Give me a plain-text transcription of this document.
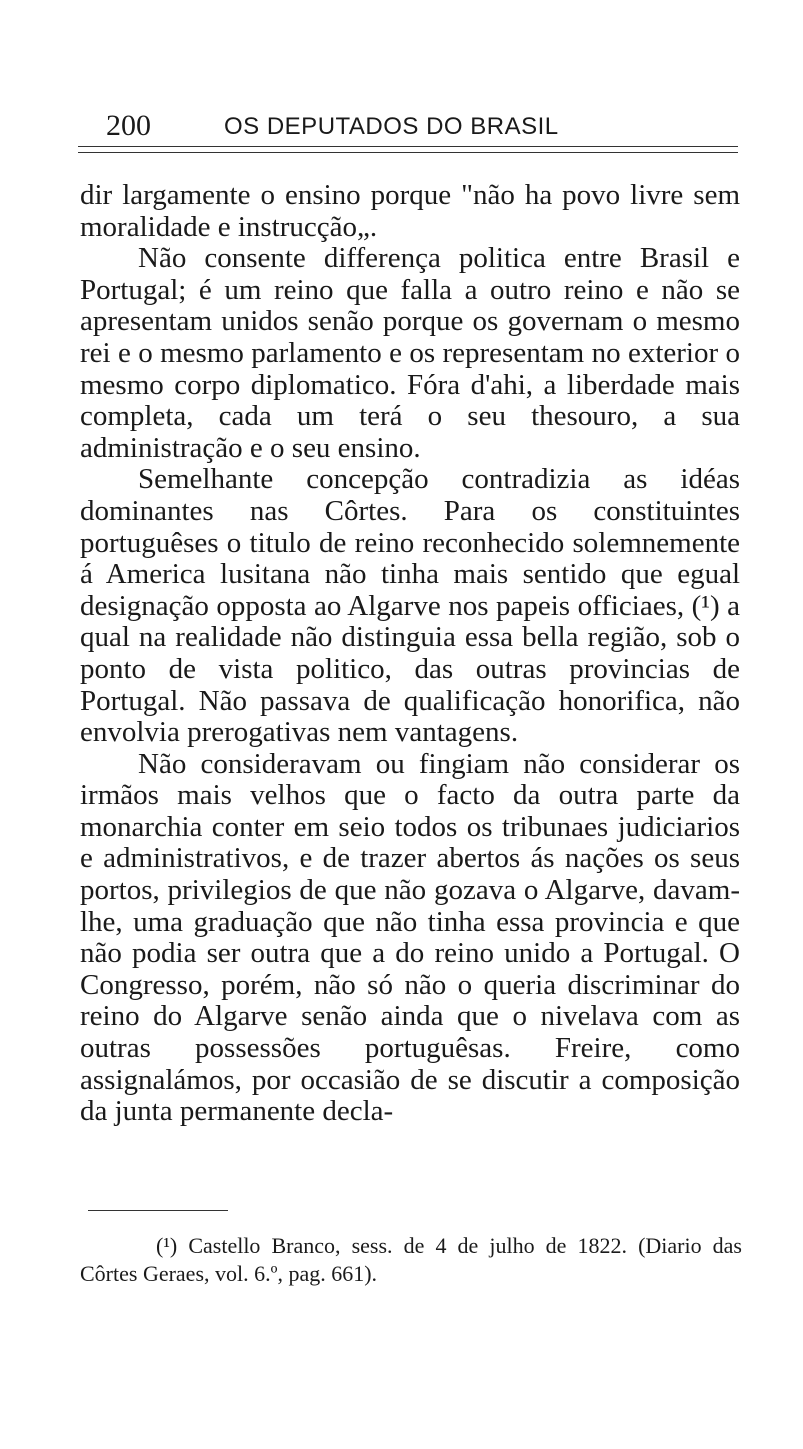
200	OS DEPUTADOS DO BRASIL

dir largamente o ensino porque "não ha povo livre sem moralidade e instrucção„.

Não consente differença politica entre Brasil e Portugal; é um reino que falla a outro reino e não se apresentam unidos senão porque os governam o mesmo rei e o mesmo parlamento e os representam no exterior o mesmo corpo diplomatico. Fóra d'ahi, a liberdade mais completa, cada um terá o seu thesouro, a sua administração e o seu ensino.

Semelhante concepção contradizia as idéas dominantes nas Côrtes. Para os constituintes portuguêses o titulo de reino reconhecido solemnemente á America lusitana não tinha mais sentido que egual designação opposta ao Algarve nos papeis officiaes, (¹) a qual na realidade não distinguia essa bella região, sob o ponto de vista politico, das outras provincias de Portugal. Não passava de qualificação honorifica, não envolvia prerogativas nem vantagens.

Não consideravam ou fingiam não considerar os irmãos mais velhos que o facto da outra parte da monarchia conter em seio todos os tribunaes judiciarios e administrativos, e de trazer abertos ás nações os seus portos, privilegios de que não gozava o Algarve, davam-lhe, uma graduação que não tinha essa provincia e que não podia ser outra que a do reino unido a Portugal. O Congresso, porém, não só não o queria discriminar do reino do Algarve senão ainda que o nivelava com as outras possessões portuguêsas. Freire, como assignalámos, por occasião de se discutir a composição da junta permanente decla-

(¹) Castello Branco, sess. de 4 de julho de 1822. (Diario das Côrtes Geraes, vol. 6.º, pag. 661).
